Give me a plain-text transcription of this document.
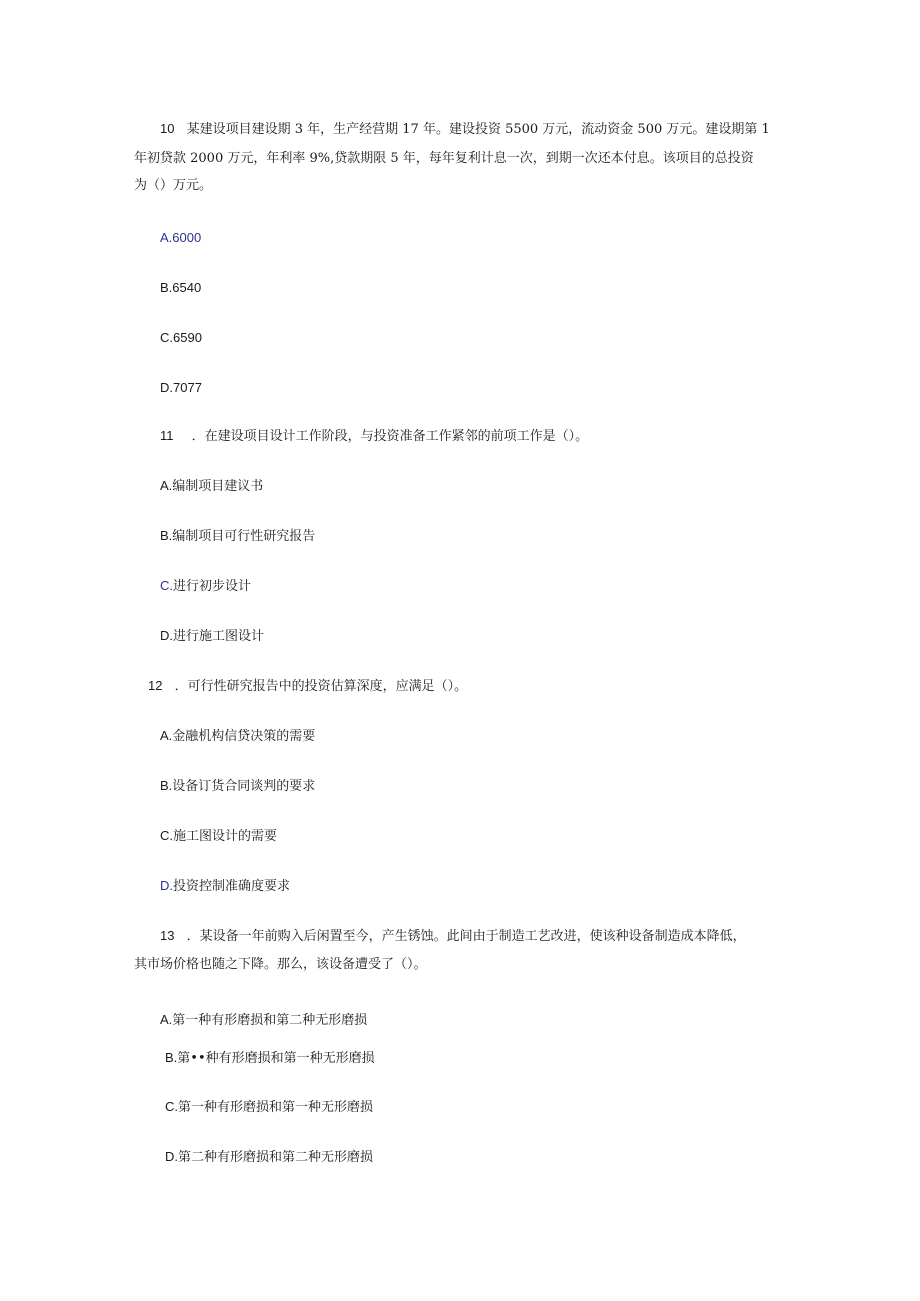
10 某建设项目建设期 3 年，生产经营期 17 年。建设投资 5500 万元，流动资金 500 万元。建设期第 1
年初贷款 2000 万元，年利率 9%,贷款期限 5 年，每年复利计息一次，到期一次还本付息。该项目的总投资
为（）万元。
A.6000
B.6540
C.6590
D.7077
11 ．在建设项目设计工作阶段，与投资准备工作紧邻的前项工作是（）。
A.编制项目建议书
B.编制项目可行性研究报告
C.进行初步设计
D.进行施工图设计
12 ．可行性研究报告中的投资估算深度，应满足（）。
A.金融机构信贷决策的需要
B.设备订货合同谈判的要求
C.施工图设计的需要
D.投资控制准确度要求
13 ．某设备一年前购入后闲置至今，产生锈蚀。此间由于制造工艺改进，使该种设备制造成本降低，
其市场价格也随之下降。那么，该设备遭受了（）。
A.第一种有形磨损和第二种无形磨损
B.第••种有形磨损和第一种无形磨损
C.第一种有形磨损和第一种无形磨损
D.第二种有形磨损和第二种无形磨损
